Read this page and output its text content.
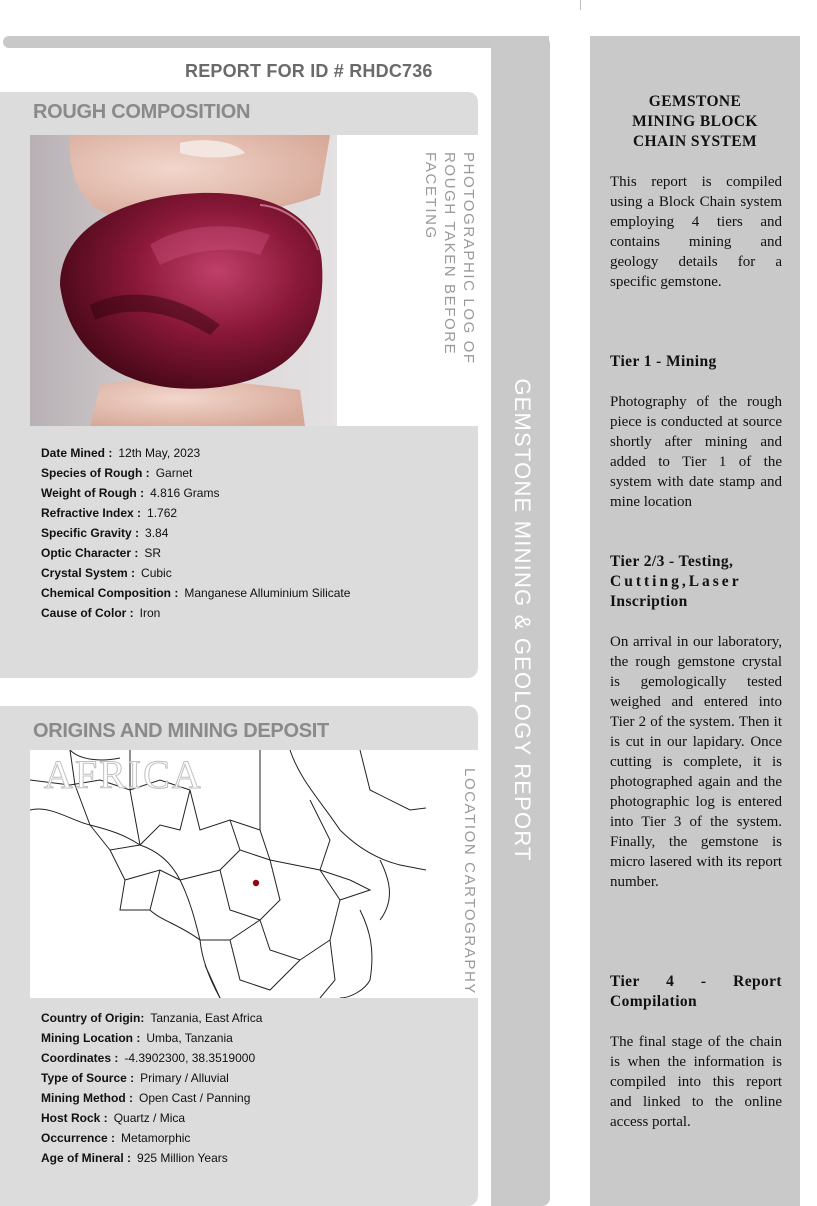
GEMSTONE MINING & GEOLOGY REPORT
REPORT FOR ID # RHDC736
ROUGH COMPOSITION
PHOTOGRAPHIC LOG OF ROUGH TAKEN BEFORE FACETING
Date Mined : 12th May, 2023
Species of Rough : Garnet
Weight of Rough : 4.816 Grams
Refractive Index : 1.762
Specific Gravity : 3.84
Optic Character : SR
Crystal System : Cubic
Chemical Composition : Manganese Alluminium Silicate
Cause of Color : Iron
ORIGINS AND MINING DEPOSIT
AFRICA	LOCATION CARTOGRAPHY
Country of Origin: Tanzania, East Africa
Mining Location : Umba, Tanzania
Coordinates : -4.3902300, 38.3519000
Type of Source : Primary / Alluvial
Mining Method : Open Cast / Panning
Host Rock : Quartz / Mica
Occurrence : Metamorphic
Age of Mineral : 925 Million Years
GEMSTONE
MINING BLOCK
CHAIN SYSTEM
This report is compiled using a Block Chain system employing 4 tiers and contains mining and geology details for a specific gemstone.
Tier 1 - Mining
Photography of the rough piece is conducted at source shortly after mining and added to Tier 1 of the system with date stamp and mine location
Tier 2/3 - Testing,
Cutting,Laser
Inscription
On arrival in our laboratory, the rough gemstone crystal is gemologically tested weighed and entered into Tier 2 of the system. Then it is cut in our lapidary. Once cutting is complete, it is photographed again and the photographic log is entered into Tier 3 of the system. Finally, the gemstone is micro lasered with its report number.
Tier 4 - Report Compilation
The final stage of the chain is when the information is compiled into this report and linked to the online access portal.
